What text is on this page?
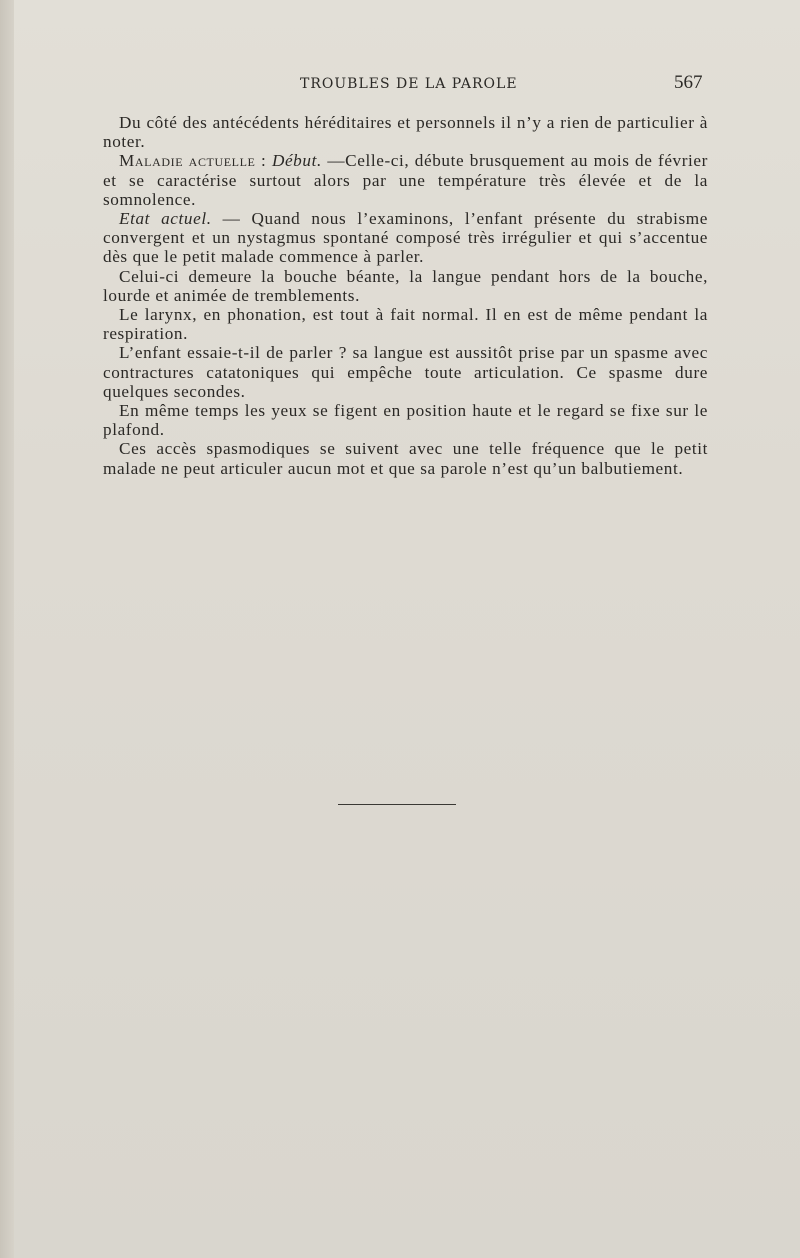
TROUBLES DE LA PAROLE	567

Du côté des antécédents héréditaires et personnels il n’y a rien de particulier à noter.

Maladie actuelle : Début. —Celle-ci, débute brusquement au mois de février et se caractérise surtout alors par une température très élevée et de la somnolence.

Etat actuel. — Quand nous l’examinons, l’enfant présente du strabisme convergent et un nystagmus spontané composé très irrégulier et qui s’accentue dès que le petit malade commence à parler.

Celui-ci demeure la bouche béante, la langue pendant hors de la bouche, lourde et animée de tremblements.

Le larynx, en phonation, est tout à fait normal. Il en est de même pendant la respiration.

L’enfant essaie-t-il de parler ? sa langue est aussitôt prise par un spasme avec contractures catatoniques qui empêche toute articulation. Ce spasme dure quelques secondes.

En même temps les yeux se figent en position haute et le regard se fixe sur le plafond.

Ces accès spasmodiques se suivent avec une telle fréquence que le petit malade ne peut articuler aucun mot et que sa parole n’est qu’un balbutiement.
